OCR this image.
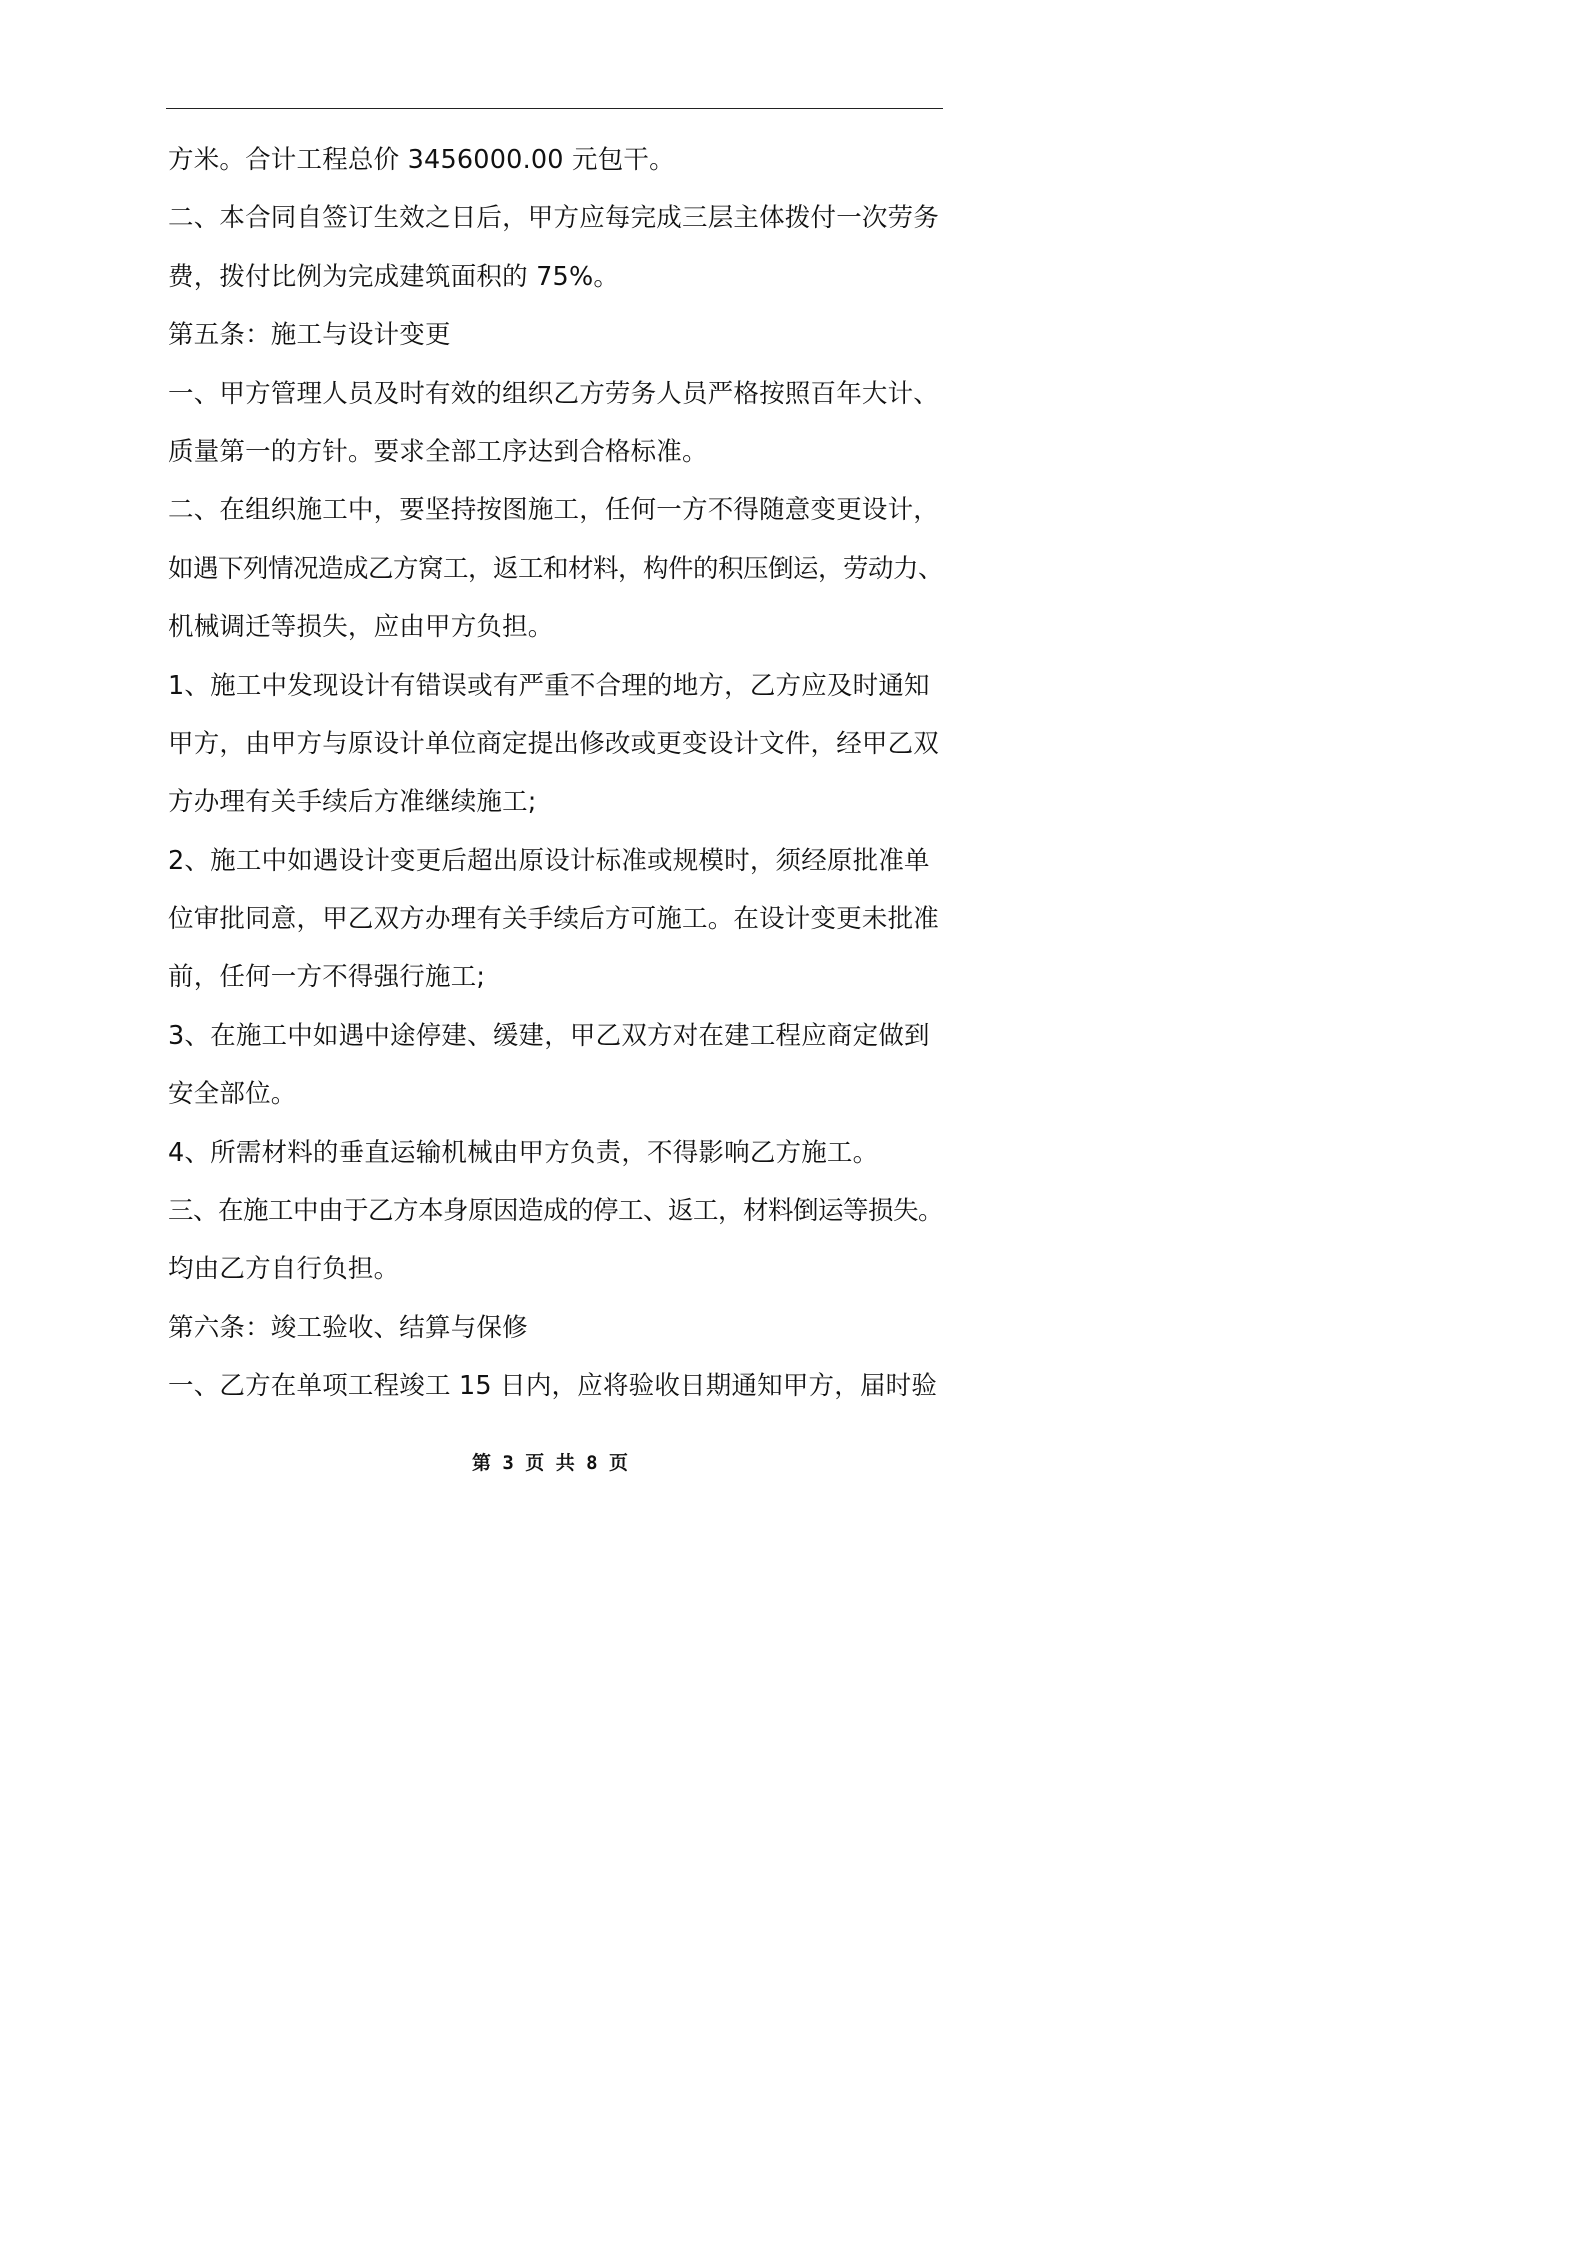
方米。合计工程总价 3456000.00 元包干。
二、本合同自签订生效之日后，甲方应每完成三层主体拨付一次劳务
费，拨付比例为完成建筑面积的 75%。
第五条：施工与设计变更
一、甲方管理人员及时有效的组织乙方劳务人员严格按照百年大计、
质量第一的方针。要求全部工序达到合格标准。
二、在组织施工中，要坚持按图施工，任何一方不得随意变更设计，
如遇下列情况造成乙方窝工，返工和材料，构件的积压倒运，劳动力、
机械调迁等损失，应由甲方负担。
1、施工中发现设计有错误或有严重不合理的地方，乙方应及时通知
甲方，由甲方与原设计单位商定提出修改或更变设计文件，经甲乙双
方办理有关手续后方准继续施工;
2、施工中如遇设计变更后超出原设计标准或规模时，须经原批准单
位审批同意，甲乙双方办理有关手续后方可施工。在设计变更未批准
前，任何一方不得强行施工;
3、在施工中如遇中途停建、缓建，甲乙双方对在建工程应商定做到
安全部位。
4、所需材料的垂直运输机械由甲方负责，不得影响乙方施工。
三、在施工中由于乙方本身原因造成的停工、返工，材料倒运等损失。
均由乙方自行负担。
第六条：竣工验收、结算与保修
一、乙方在单项工程竣工 15 日内，应将验收日期通知甲方，届时验
第 3 页 共 8 页
